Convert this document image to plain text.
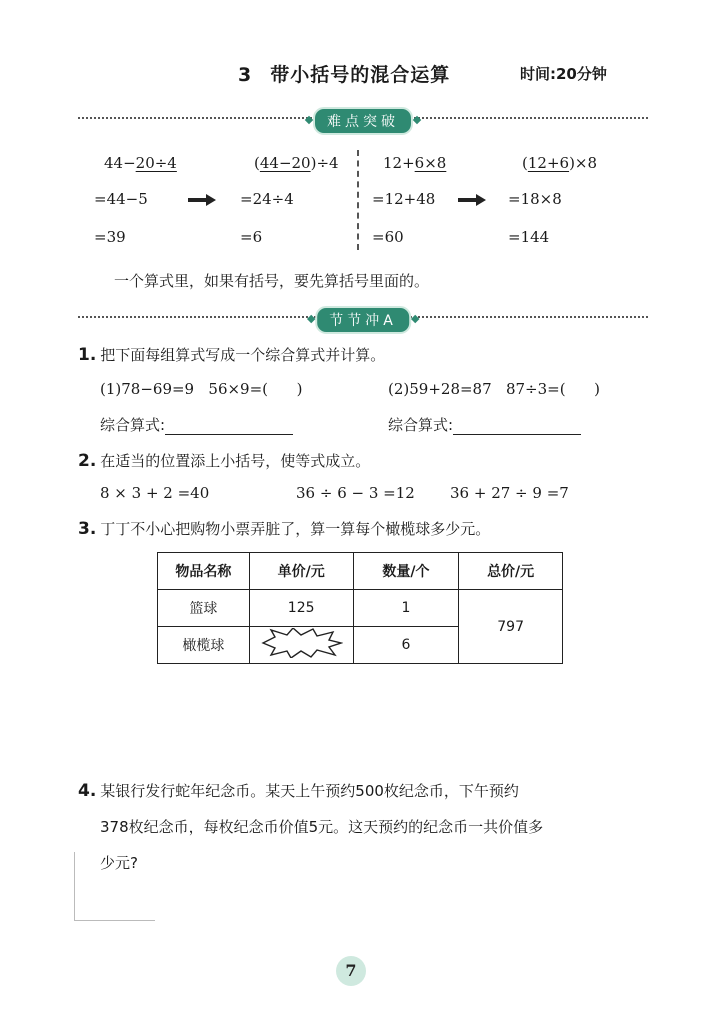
3 带小括号的混合运算	时间:20分钟
难点突破
44−20÷4
=44−5
=39
(44−20)÷4
=24÷4
=6
12+6×8
=12+48
=60
(12+6)×8
=18×8
=144
一个算式里，如果有括号，要先算括号里面的。
节节冲A
1. 把下面每组算式写成一个综合算式并计算。
(1)78−69=9   56×9=(      )	(2)59+28=87   87÷3=(      )
综合算式:	综合算式:
2. 在适当的位置添上小括号，使等式成立。
8 × 3 + 2 =40	36 ÷ 6 − 3 =12 36 + 27 ÷ 9 =7
3. 丁丁不小心把购物小票弄脏了，算一算每个橄榄球多少元。
物品名称	单价/元	数量/个	总价/元
篮球	125	1	797
橄榄球		6	
4. 某银行发行蛇年纪念币。某天上午预约500枚纪念币，下午预约
378枚纪念币，每枚纪念币价值5元。这天预约的纪念币一共价值多
少元?
7
